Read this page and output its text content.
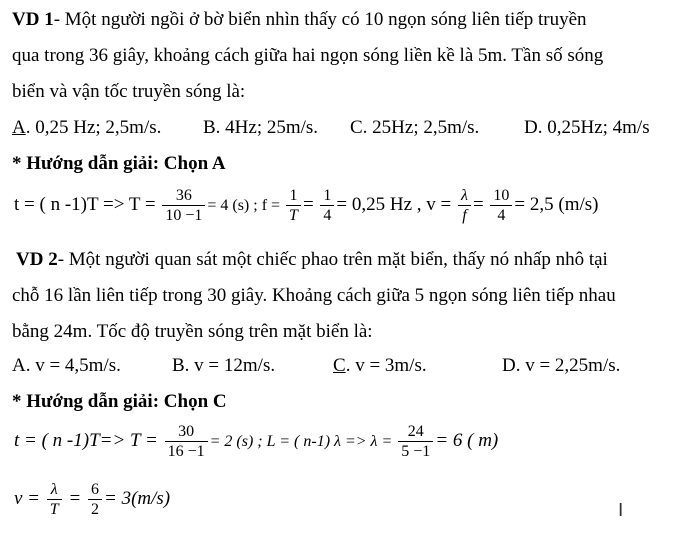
VD 1- Một người ngồi ở bờ biển nhìn thấy có 10 ngọn sóng liên tiếp truyền
qua trong 36 giây, khoảng cách giữa hai ngọn sóng liền kề là 5m. Tần số sóng
biển và vận tốc truyền sóng là:
A. 0,25 Hz; 2,5m/s. B. 4Hz; 25m/s. C. 25Hz; 2,5m/s. D. 0,25Hz; 4m/s
* Hướng dẫn giải: Chọn A
t = ( n $-1)T => T = \frac{36}{10 -1} = 4$ (s) ; $f = \frac{1}{T} = \frac{1}{4} = 0,25$ Hz , $v = \frac{\lambda}{f} = \frac{10}{4} = 2,5$ (m/s)
VD 2- Một người quan sát một chiếc phao trên mặt biển, thấy nó nhấp nhô tại
chỗ 16 lần liên tiếp trong 30 giây. Khoảng cách giữa 5 ngọn sóng liên tiếp nhau
bằng 24m. Tốc độ truyền sóng trên mặt biển là:
A. v = 4,5m/s.	B. v = 12m/s.	C. v = 3m/s.	D. v = 2,25m/s.
* Hướng dẫn giải: Chọn C
t = ( n $-1)T=> T = \frac{30}{16 -1} = 2$ (s) ; L = ( n-1) $\lambda => \lambda = \frac{24}{5 -1} = 6$ ( m)
$v = \frac{\lambda}{T} = \frac{6}{2} = 3(m/s)$
I
